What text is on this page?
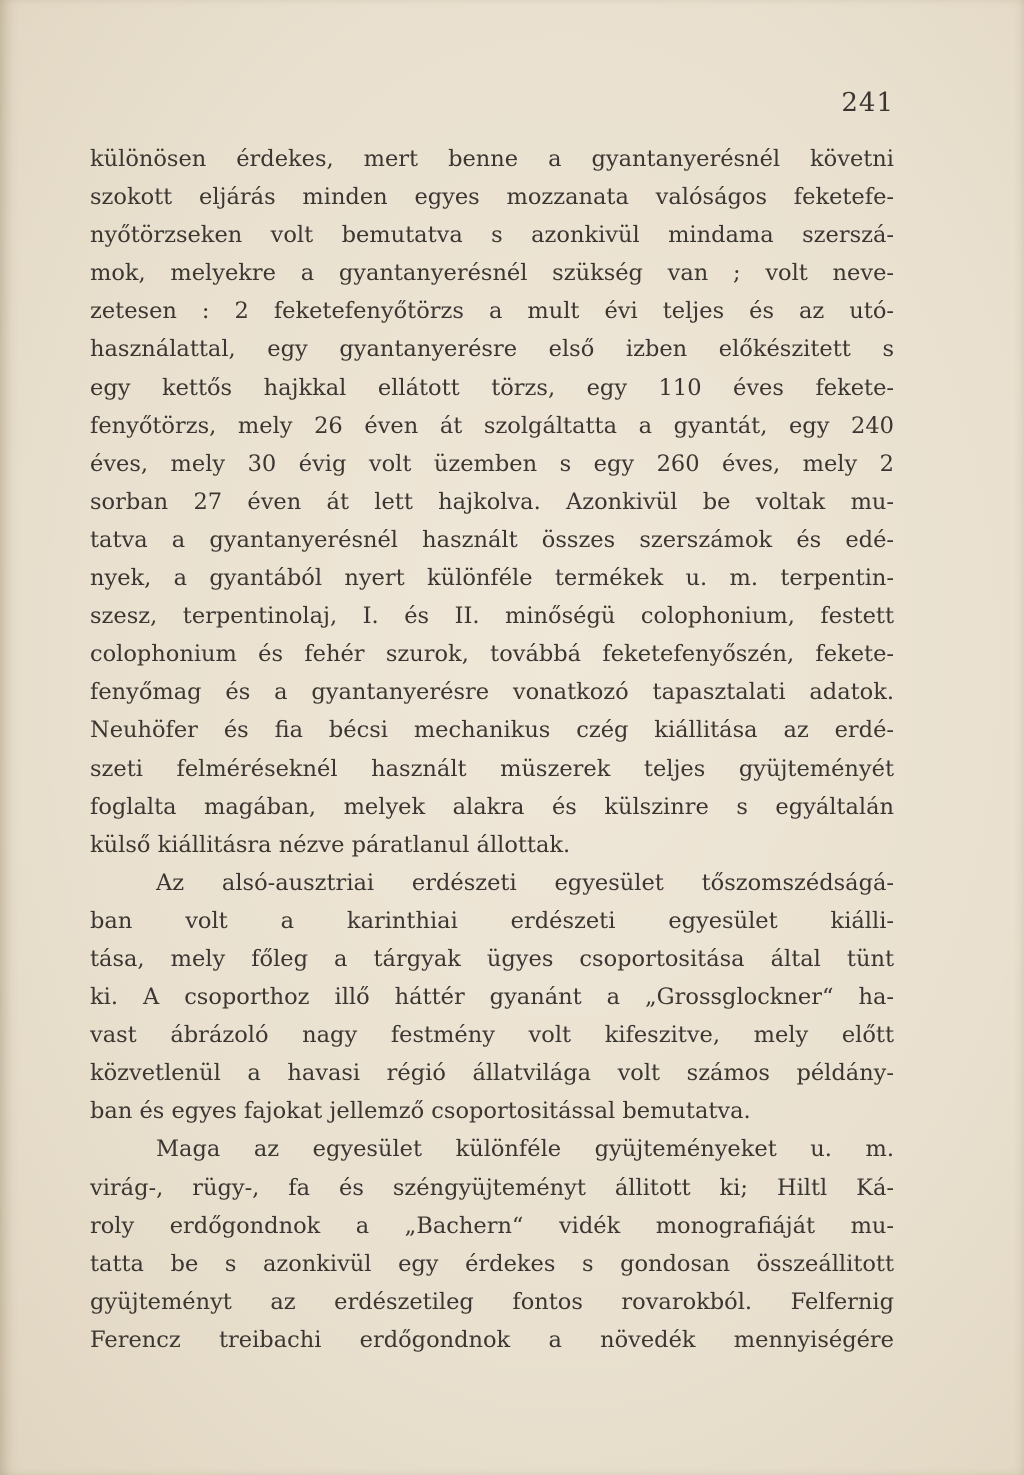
241
különösen érdekes, mert benne a gyantanyerésnél követni
szokott eljárás minden egyes mozzanata valóságos feketefe-
nyőtörzseken volt bemutatva s azonkivül mindama szerszá-
mok, melyekre a gyantanyerésnél szükség van ; volt neve-
zetesen : 2 feketefenyőtörzs a mult évi teljes és az utó-
használattal, egy gyantanyerésre első izben előkészitett s
egy kettős hajkkal ellátott törzs, egy 110 éves fekete-
fenyőtörzs, mely 26 éven át szolgáltatta a gyantát, egy 240
éves, mely 30 évig volt üzemben s egy 260 éves, mely 2
sorban 27 éven át lett hajkolva. Azonkivül be voltak mu-
tatva a gyantanyerésnél használt összes szerszámok és edé-
nyek, a gyantából nyert különféle termékek u. m. terpentin-
szesz, terpentinolaj, I. és II. minőségü colophonium, festett
colophonium és fehér szurok, továbbá feketefenyőszén, fekete-
fenyőmag és a gyantanyerésre vonatkozó tapasztalati adatok.
Neuhöfer és fia bécsi mechanikus czég kiállitása az erdé-
szeti felméréseknél használt müszerek teljes gyüjteményét
foglalta magában, melyek alakra és külszinre s egyáltalán
külső kiállitásra nézve páratlanul állottak.
Az alsó-ausztriai erdészeti egyesület tőszomszédságá-
ban volt a karinthiai erdészeti egyesület kiálli-
tása, mely főleg a tárgyak ügyes csoportositása által tünt
ki. A csoporthoz illő háttér gyanánt a „Grossglockner“ ha-
vast ábrázoló nagy festmény volt kifeszitve, mely előtt
közvetlenül a havasi régió állatvilága volt számos példány-
ban és egyes fajokat jellemző csoportositással bemutatva.
Maga az egyesület különféle gyüjteményeket u. m.
virág-, rügy-, fa és széngyüjteményt állitott ki; Hiltl Ká-
roly erdőgondnok a „Bachern“ vidék monografiáját mu-
tatta be s azonkivül egy érdekes s gondosan összeállitott
gyüjteményt az erdészetileg fontos rovarokból. Felfernig
Ferencz treibachi erdőgondnok a növedék mennyiségére
